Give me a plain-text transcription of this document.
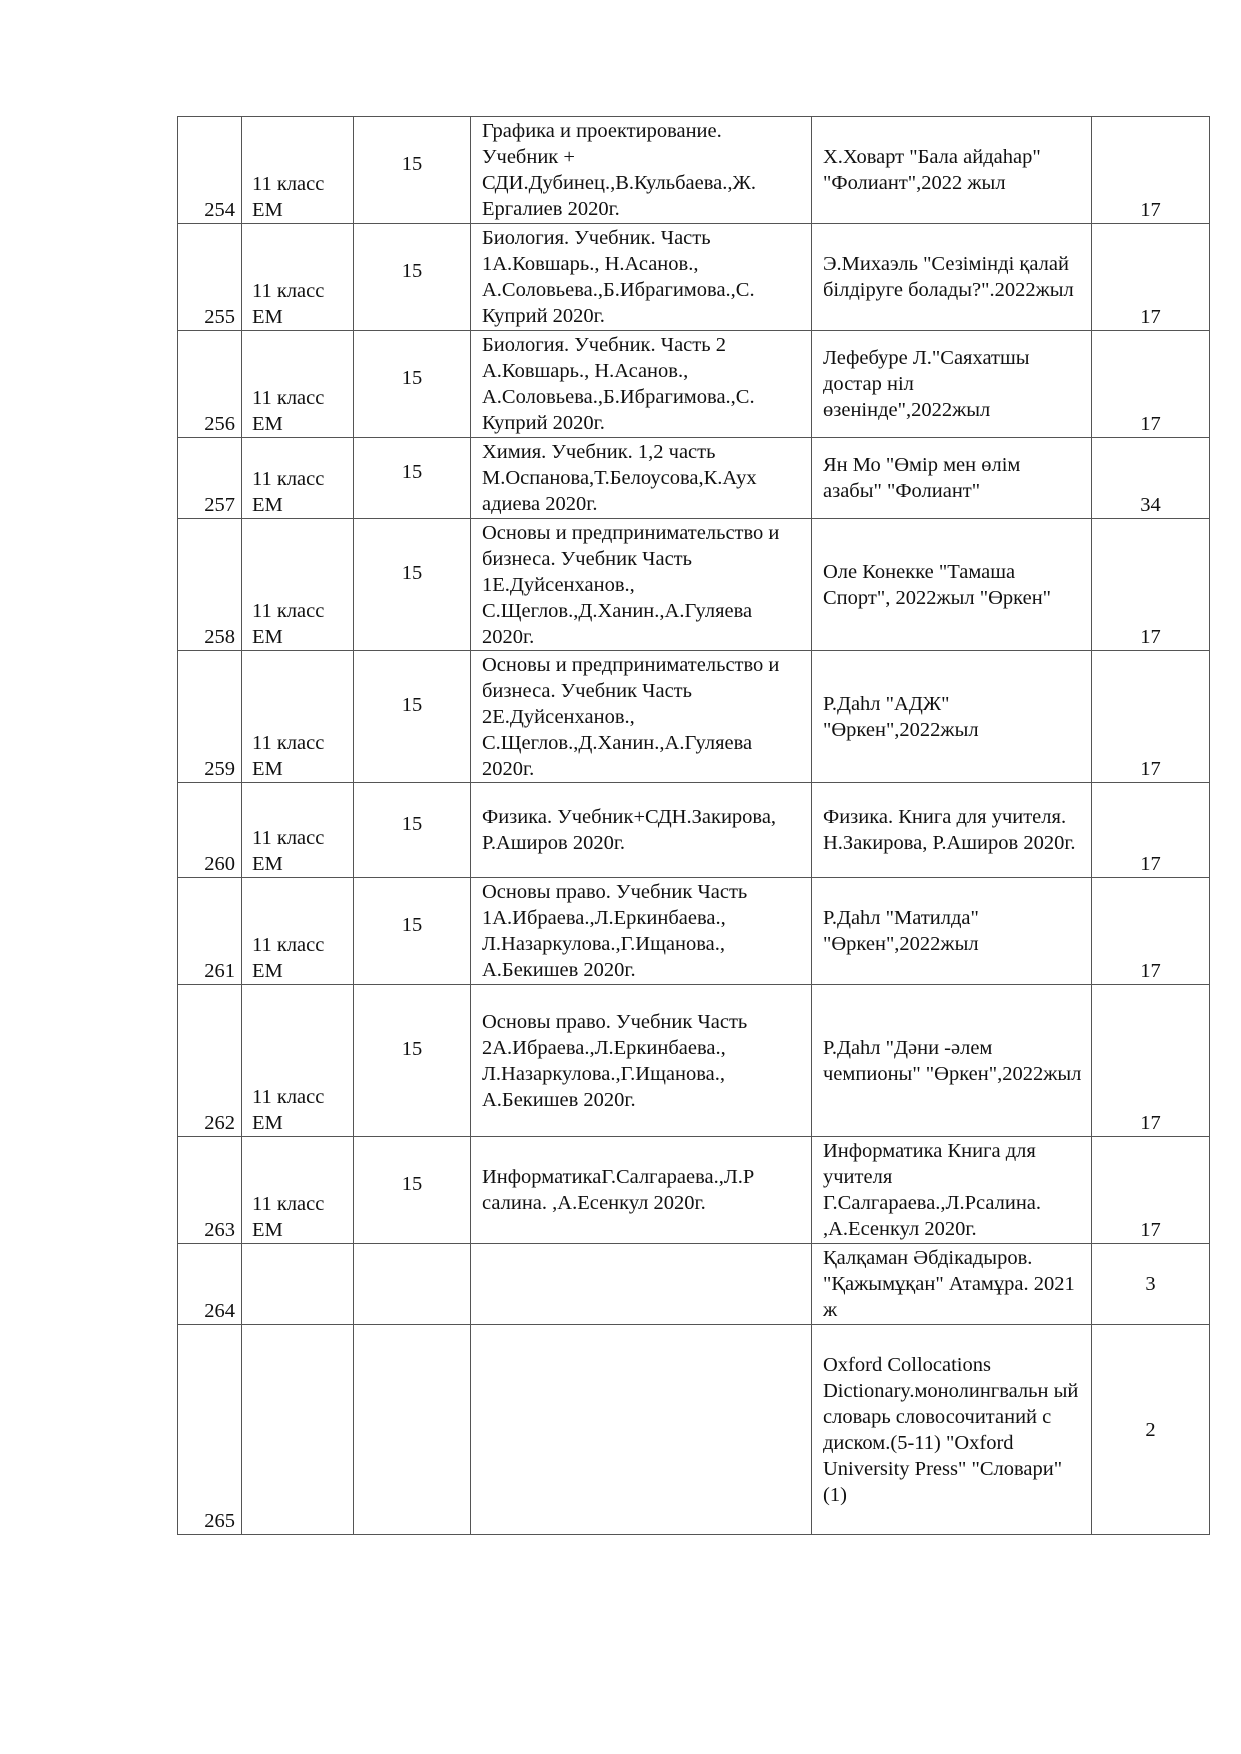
254	11 класс ЕМ	15	Графика и проектирование. Учебник + СДИ.Дубинец.,В.Кульбаева.,Ж. Ергалиев 2020г.	Х.Ховарт "Бала айдаһар" "Фолиант",2022 жыл	17
255	11 класс ЕМ	15	Биология. Учебник. Часть 1А.Ковшарь., Н.Асанов., А.Соловьева.,Б.Ибрагимова.,С. Куприй 2020г.	Э.Михаэль "Сезімінді қалай білдіруге болады?".2022жыл	17
256	11 класс ЕМ	15	Биология. Учебник. Часть 2 А.Ковшарь., Н.Асанов., А.Соловьева.,Б.Ибрагимова.,С. Куприй 2020г.	Лефебуре Л."Саяхатшы достар ніл өзенінде",2022жыл	17
257	11 класс ЕМ	15	Химия. Учебник. 1,2 часть М.Оспанова,Т.Белоусова,К.Аух адиева 2020г.	Ян Мо "Өмір мен өлім азабы" "Фолиант"	34
258	11 класс ЕМ	15	Основы и предпринимательство и бизнеса. Учебник Часть 1Е.Дуйсенханов., С.Щеглов.,Д.Ханин.,А.Гуляева 2020г.	Оле Конекке "Тамаша Спорт", 2022жыл "Өркен"	17
259	11 класс ЕМ	15	Основы и предпринимательство и бизнеса. Учебник Часть 2Е.Дуйсенханов., С.Щеглов.,Д.Ханин.,А.Гуляева 2020г.	Р.Даһл "АДЖ" "Өркен",2022жыл	17
260	11 класс ЕМ	15	Физика. Учебник+СДН.Закирова, Р.Аширов 2020г.	Физика. Книга для учителя. Н.Закирова, Р.Аширов 2020г.	17
261	11 класс ЕМ	15	Основы право. Учебник Часть 1А.Ибраева.,Л.Еркинбаева., Л.Назаркулова.,Г.Ищанова., А.Бекишев 2020г.	Р.Даһл "Матилда" "Өркен",2022жыл	17
262	11 класс ЕМ	15	Основы право. Учебник Часть 2А.Ибраева.,Л.Еркинбаева., Л.Назаркулова.,Г.Ищанова., А.Бекишев 2020г.	Р.Даһл "Дәни -әлем чемпионы" "Өркен",2022жыл	17
263	11 класс ЕМ	15	ИнформатикаГ.Салгараева.,Л.Р салина. ,А.Есенкул 2020г.	Информатика Книга для учителя Г.Салгараева.,Л.Рсалина. ,А.Есенкул 2020г.	17
264				Қалқаман Әбдікадыров. "Қажымұқан" Атамұра. 2021 ж	3
265				Oxford Collocations Dictionary.монолингвальн ый словарь словосочитаний с диском.(5-11) "Oxford University Press" "Словари" (1)	2
